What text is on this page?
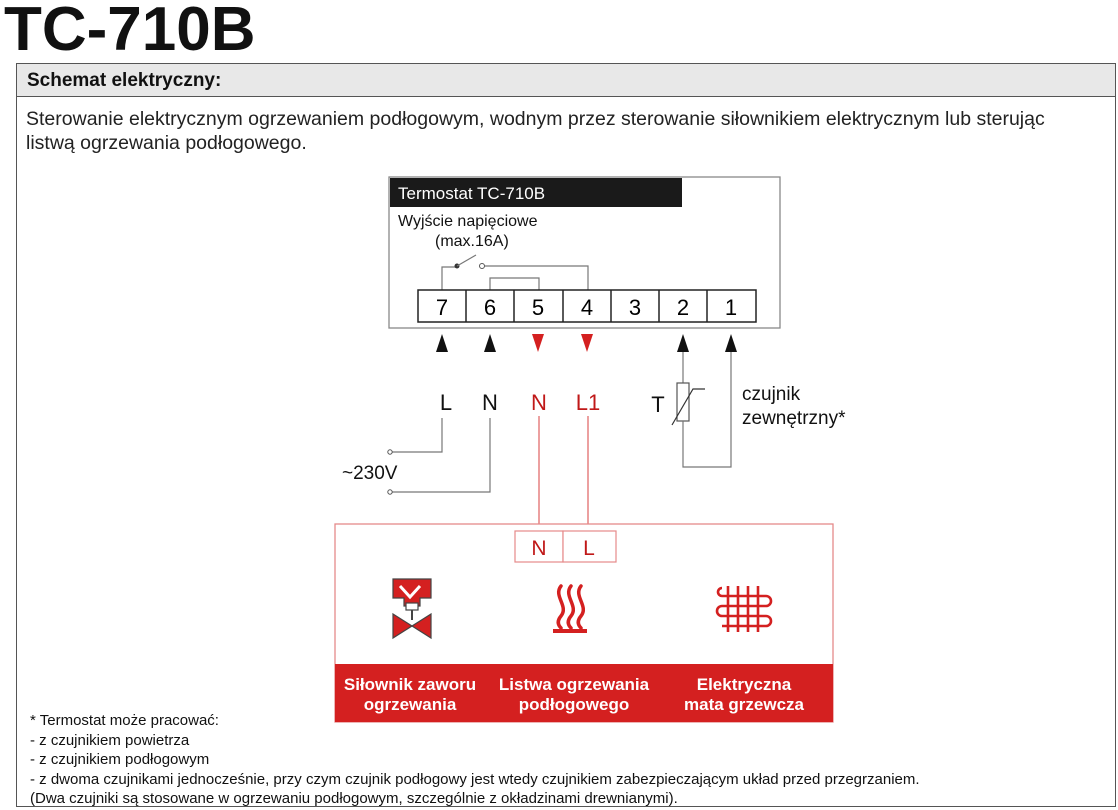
TC-710B
Schemat elektryczny:
Sterowanie elektrycznym ogrzewaniem podłogowym, wodnym przez sterowanie siłownikiem elektrycznym lub sterując listwą ogrzewania podłogowego.
Termostat TC-710B
Wyjście napięciowe
(max.16A)
7 6 5 4 3 2 1
L N N L1 T	czujnik
zewnętrzny*
~230V
N L
Siłownik zaworu
ogrzewania
Listwa ogrzewania
podłogowego
Elektryczna
mata grzewcza
* Termostat może pracować:
- z czujnikiem powietrza
- z czujnikiem podłogowym
- z dwoma czujnikami jednocześnie, przy czym czujnik podłogowy jest wtedy czujnikiem zabezpieczającym układ przed przegrzaniem.
(Dwa czujniki są stosowane w ogrzewaniu podłogowym, szczególnie z okładzinami drewnianymi).
